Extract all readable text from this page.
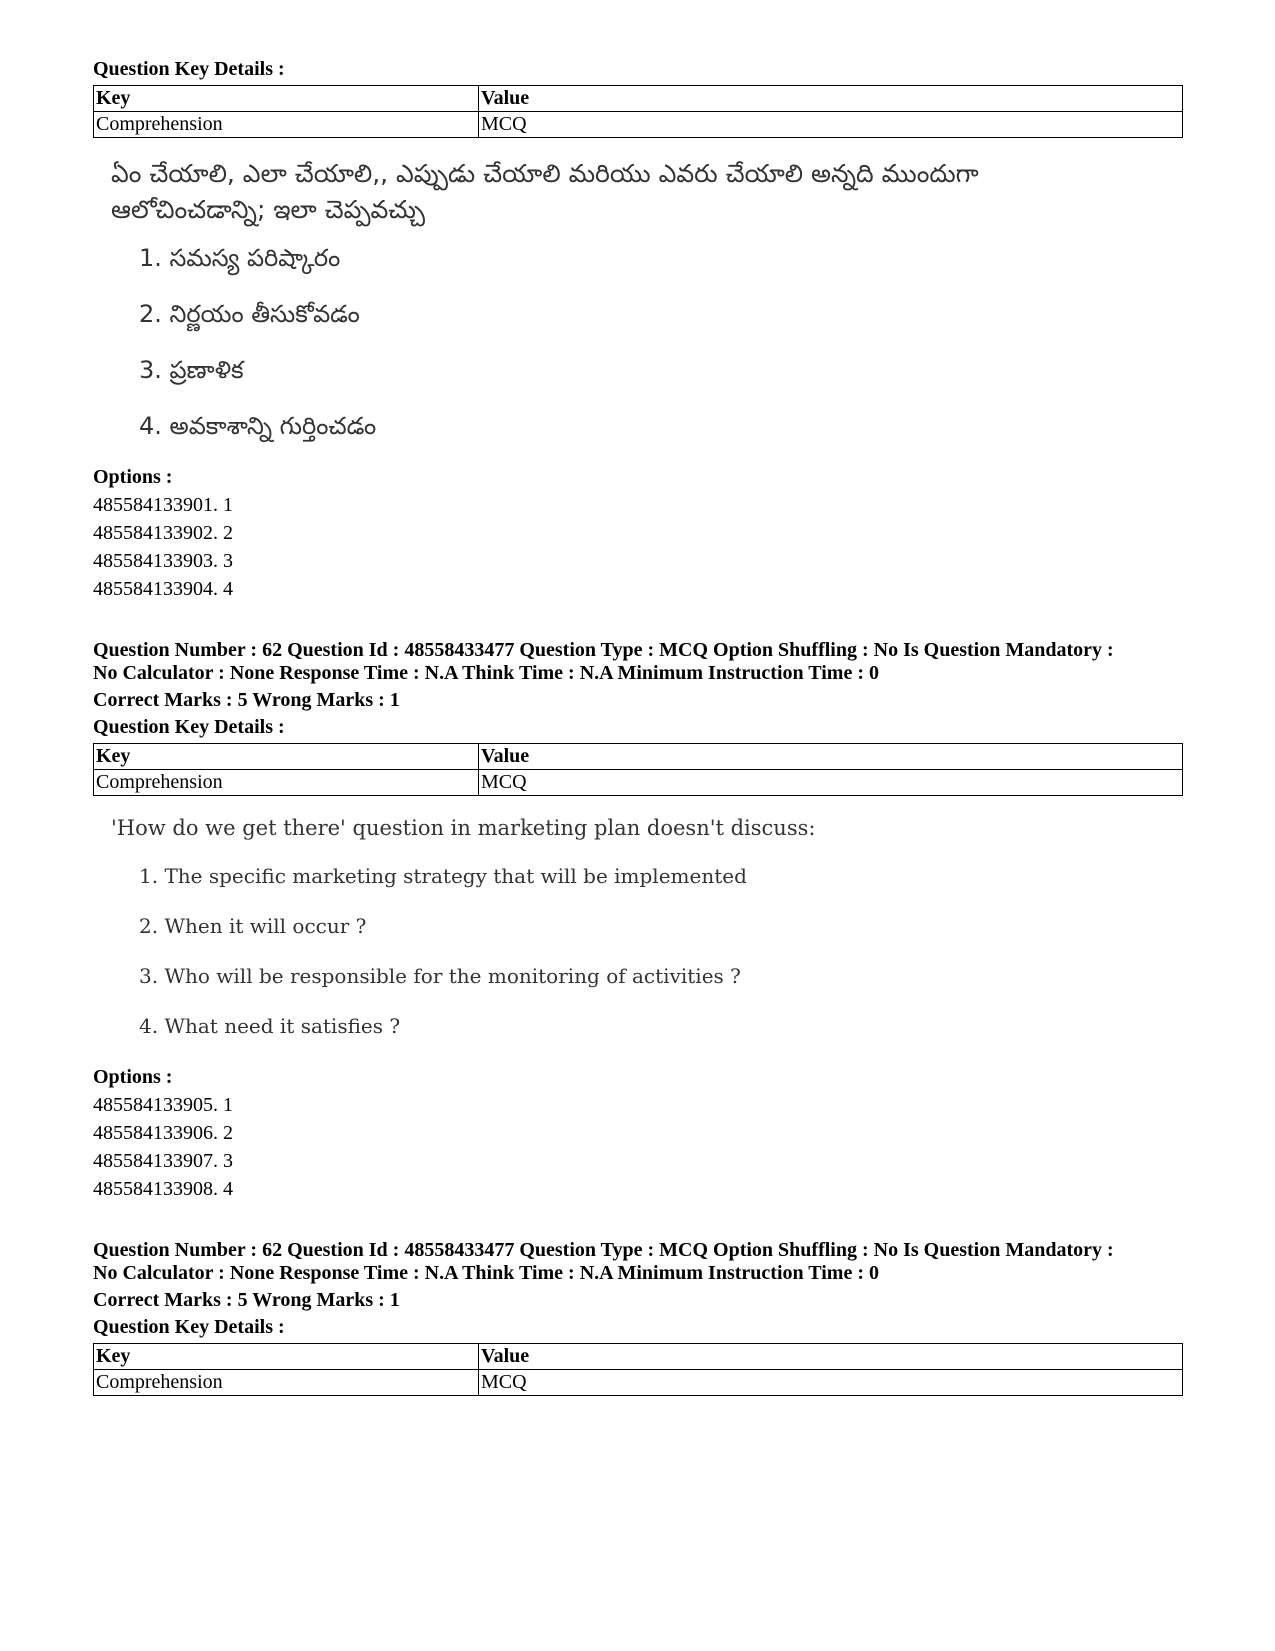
Question Key Details :
Key	Value
Comprehension	MCQ
ఏం చేయాలి, ఎలా చేయాలి,, ఎప్పుడు చేయాలి మరియు ఎవరు చేయాలి అన్నది ముందుగా ఆలోచించడాన్ని; ఇలా చెప్పవచ్చు
1. సమస్య పరిష్కారం
2. నిర్ణయం తీసుకోవడం
3. ప్రణాళిక
4. అవకాశాన్ని గుర్తించడం
Options :
485584133901. 1
485584133902. 2
485584133903. 3
485584133904. 4
Question Number : 62 Question Id : 48558433477 Question Type : MCQ Option Shuffling : No Is Question Mandatory :
No Calculator : None Response Time : N.A Think Time : N.A Minimum Instruction Time : 0
Correct Marks : 5 Wrong Marks : 1
Question Key Details :
Key	Value
Comprehension	MCQ
'How do we get there' question in marketing plan doesn't discuss:
1. The specific marketing strategy that will be implemented
2. When it will occur ?
3. Who will be responsible for the monitoring of activities ?
4. What need it satisfies ?
Options :
485584133905. 1
485584133906. 2
485584133907. 3
485584133908. 4
Question Number : 62 Question Id : 48558433477 Question Type : MCQ Option Shuffling : No Is Question Mandatory :
No Calculator : None Response Time : N.A Think Time : N.A Minimum Instruction Time : 0
Correct Marks : 5 Wrong Marks : 1
Question Key Details :
Key	Value
Comprehension	MCQ
